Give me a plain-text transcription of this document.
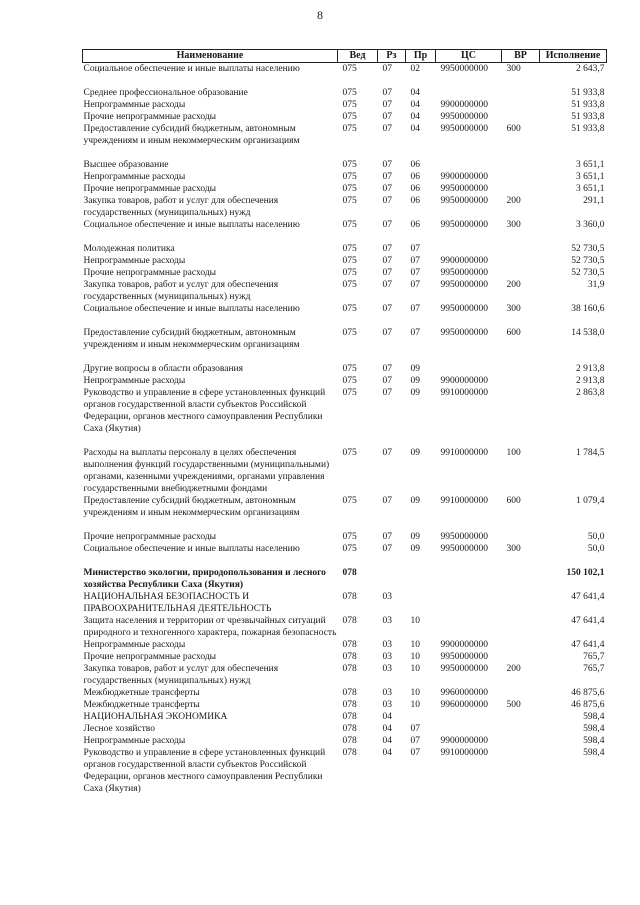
8
Наименование	Вед	Рз	Пр	ЦС	ВР	Исполнение
Социальное обеспечение и иные выплаты населению	075	07	02	9950000000	300	2 643,7

Среднее профессиональное образование	075	07	04			51 933,8
Непрограммные расходы	075	07	04	9900000000		51 933,8
Прочие непрограммные расходы	075	07	04	9950000000		51 933,8
Предоставление субсидий бюджетным, автономным учреждениям и иным некоммерческим организациям	075	07	04	9950000000	600	51 933,8

Высшее образование	075	07	06			3 651,1
Непрограммные расходы	075	07	06	9900000000		3 651,1
Прочие непрограммные расходы	075	07	06	9950000000		3 651,1
Закупка товаров, работ и услуг для обеспечения государственных (муниципальных) нужд	075	07	06	9950000000	200	291,1
Социальное обеспечение и иные выплаты населению	075	07	06	9950000000	300	3 360,0

Молодежная политика	075	07	07			52 730,5
Непрограммные расходы	075	07	07	9900000000		52 730,5
Прочие непрограммные расходы	075	07	07	9950000000		52 730,5
Закупка товаров, работ и услуг для обеспечения государственных (муниципальных) нужд	075	07	07	9950000000	200	31,9
Социальное обеспечение и иные выплаты населению	075	07	07	9950000000	300	38 160,6

Предоставление субсидий бюджетным, автономным учреждениям и иным некоммерческим организациям	075	07	07	9950000000	600	14 538,0

Другие вопросы в области образования	075	07	09			2 913,8
Непрограммные расходы	075	07	09	9900000000		2 913,8
Руководство и управление в сфере установленных функций органов государственной власти субъектов Российской Федерации, органов местного самоуправления Республики Саха (Якутия)	075	07	09	9910000000		2 863,8

Расходы на выплаты персоналу в целях обеспечения выполнения функций государственными (муниципальными) органами, казенными учреждениями, органами управления государственными внебюджетными фондами	075	07	09	9910000000	100	1 784,5
Предоставление субсидий бюджетным, автономным учреждениям и иным некоммерческим организациям	075	07	09	9910000000	600	1 079,4

Прочие непрограммные расходы	075	07	09	9950000000		50,0
Социальное обеспечение и иные выплаты населению	075	07	09	9950000000	300	50,0

Министерство экологии, природопользования и лесного хозяйства Республики Саха (Якутия)	078					150 102,1
НАЦИОНАЛЬНАЯ БЕЗОПАСНОСТЬ И ПРАВООХРАНИТЕЛЬНАЯ ДЕЯТЕЛЬНОСТЬ	078	03				47 641,4
Защита населения и территории от чрезвычайных ситуаций природного и техногенного характера, пожарная безопасность	078	03	10			47 641,4
Непрограммные расходы	078	03	10	9900000000		47 641,4
Прочие непрограммные расходы	078	03	10	9950000000		765,7
Закупка товаров, работ и услуг для обеспечения государственных (муниципальных) нужд	078	03	10	9950000000	200	765,7
Межбюджетные трансферты	078	03	10	9960000000		46 875,6
Межбюджетные трансферты	078	03	10	9960000000	500	46 875,6
НАЦИОНАЛЬНАЯ ЭКОНОМИКА	078	04				598,4
Лесное хозяйство	078	04	07			598,4
Непрограммные расходы	078	04	07	9900000000		598,4
Руководство и управление в сфере установленных функций органов государственной власти субъектов Российской Федерации, органов местного самоуправления Республики Саха (Якутия)	078	04	07	9910000000		598,4
